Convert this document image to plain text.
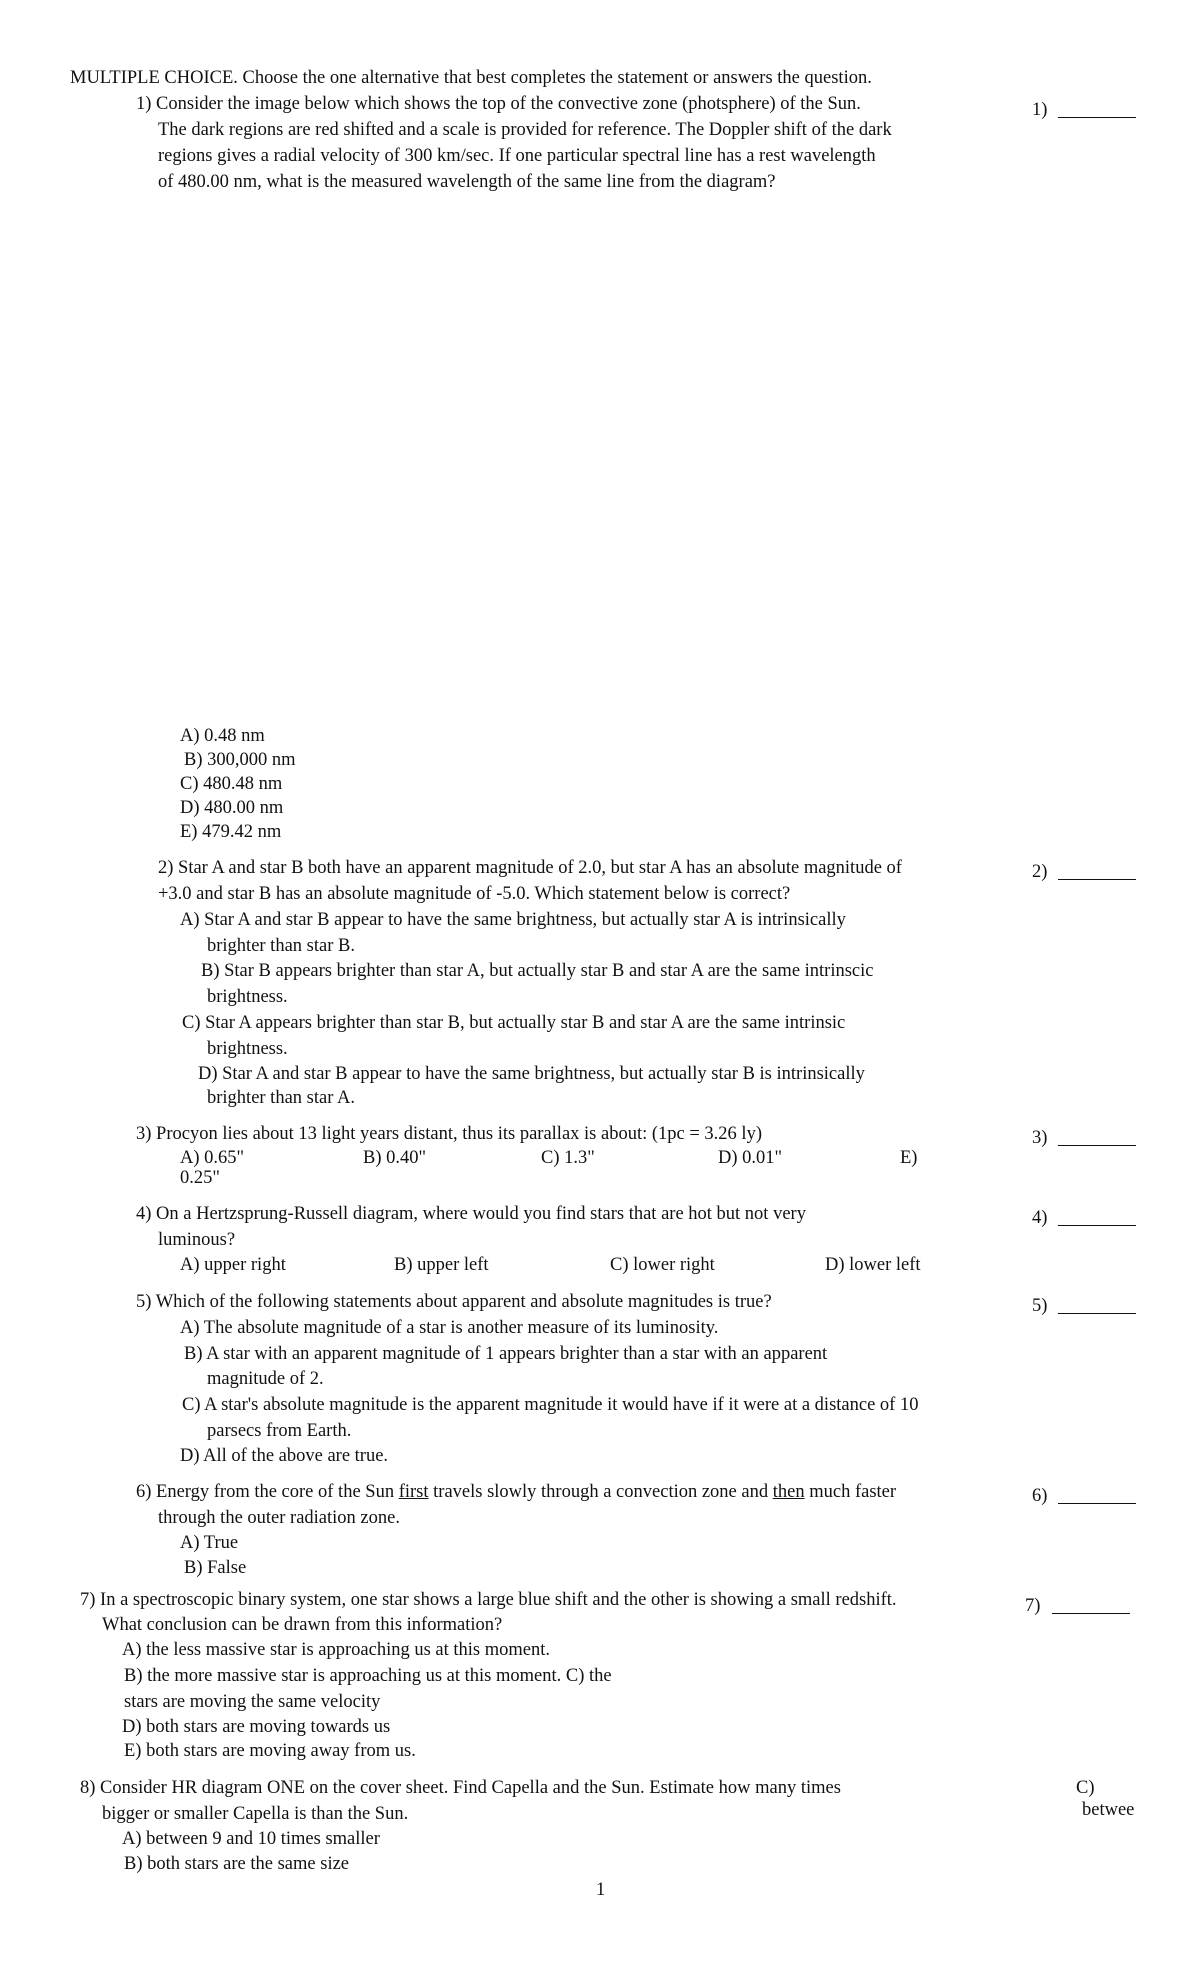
MULTIPLE CHOICE. Choose the one alternative that best completes the statement or answers the question.
1) Consider the image below which shows the top of the convective zone (photsphere) of the Sun.
The dark regions are red shifted and a scale is provided for reference. The Doppler shift of the dark
regions gives a radial velocity of 300 km/sec. If one particular spectral line has a rest wavelength
of 480.00 nm, what is the measured wavelength of the same line from the diagram?
1)
A) 0.48 nm
B) 300,000 nm
C) 480.48 nm
D) 480.00 nm
E) 479.42 nm
2) Star A and star B both have an apparent magnitude of 2.0, but star A has an absolute magnitude of
+3.0 and star B has an absolute magnitude of -5.0. Which statement below is correct?
2)
A) Star A and star B appear to have the same brightness, but actually star A is intrinsically
brighter than star B.
B) Star B appears brighter than star A, but actually star B and star A are the same intrinscic
brightness.
C) Star A appears brighter than star B, but actually star B and star A are the same intrinsic
brightness.
D) Star A and star B appear to have the same brightness, but actually star B is intrinsically
brighter than star A.
3) Procyon lies about 13 light years distant, thus its parallax is about: (1pc = 3.26 ly)	3)
A) 0.65"	B) 0.40"	C) 1.3"	D) 0.01"	E)
0.25"
4) On a Hertzsprung-Russell diagram, where would you find stars that are hot but not very
luminous?
4)
A) upper right	B) upper left	C) lower right	D) lower left
5) Which of the following statements about apparent and absolute magnitudes is true?	5)
A) The absolute magnitude of a star is another measure of its luminosity.
B) A star with an apparent magnitude of 1 appears brighter than a star with an apparent
magnitude of 2.
C) A star's absolute magnitude is the apparent magnitude it would have if it were at a distance of 10
parsecs from Earth.
D) All of the above are true.
6) Energy from the core of the Sun first travels slowly through a convection zone and then much faster
through the outer radiation zone.
6)
A) True
B) False
7) In a spectroscopic binary system, one star shows a large blue shift and the other is showing a small redshift.
What conclusion can be drawn from this information?
7)
A) the less massive star is approaching us at this moment.
B) the more massive star is approaching us at this moment. C) the
stars are moving the same velocity
D) both stars are moving towards us
E) both stars are moving away from us.
8) Consider HR diagram ONE on the cover sheet. Find Capella and the Sun. Estimate how many times
bigger or smaller Capella is than the Sun.
A) between 9 and 10 times smaller
B) both stars are the same size
C)
betwee
1
